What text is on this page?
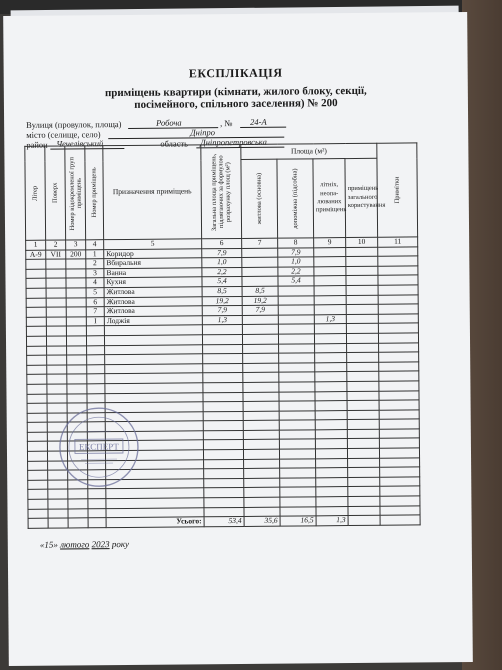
ЕКСПЛІКАЦІЯ
приміщень квартири (кімнати, жилого блоку, секції,
посімейного, спільного заселення) № 200
Вулиця (провулок, площа)	Робоча	, № 24-А
місто (селище, село)	Дніпро
район Чечелівський	область Дніпропетровська
Літер	Поверх	Номер відокремленої груп приміщень	Номер приміщень	Призначення приміщень	Загальна площа приміщень, підлягаючих за формулою розрахунку площ (м²)	Площа (м²)				Примітки

						житлова (основна)	допоміжна (підсобна)	літніх, неопа-люваних приміщень	приміщень загального користування	
1	2	3	4	5	6	7	8	9	10	11
А-9	VII	200	1	Коридор	7,9		7,9			
			2	Вбиральня	1,0		1,0			
			3	Ванна	2,2		2,2			
			4	Кухня	5,4		5,4			
			5	Житлова	8,5	8,5				
			6	Житлова	19,2	19,2				
			7	Житлова	7,9	7,9				
			I	Лоджія	1,3			1,3		

				Усього:	53,4	35,6	16,5	1,3		
ЕКСПЕРТ
«15» лютого 2023 року
